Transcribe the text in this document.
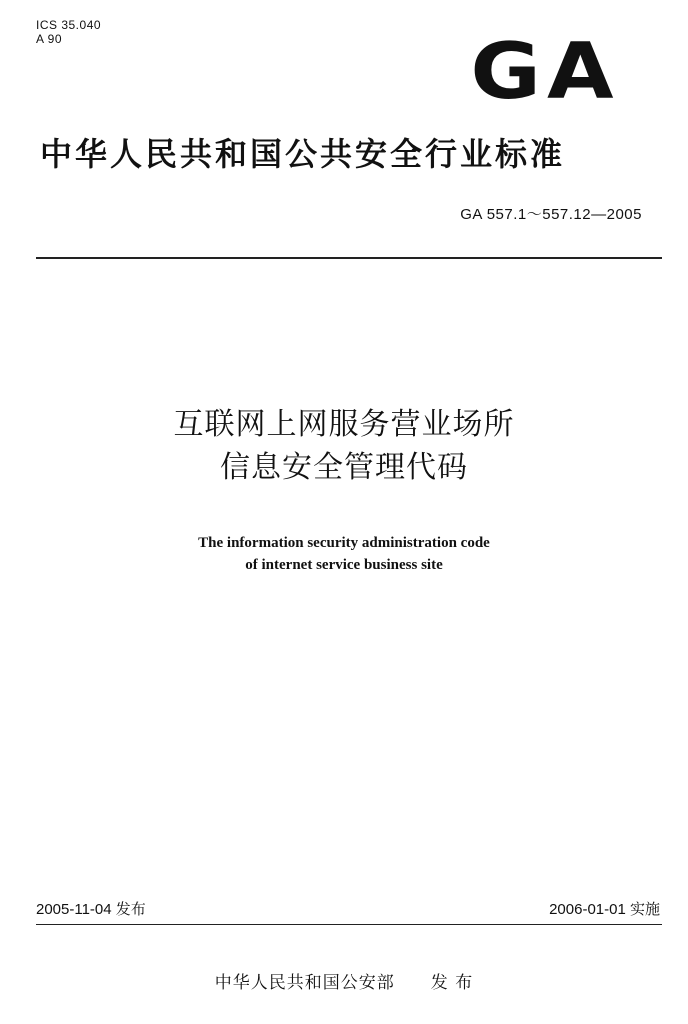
ICS 35.040
A 90	GA
中华人民共和国公共安全行业标准
GA 557.1～557.12—2005
互联网上网服务营业场所
信息安全管理代码
The information security administration code
of internet service business site
2005-11-04 发布	2006-01-01 实施
中华人民共和国公安部 发 布
